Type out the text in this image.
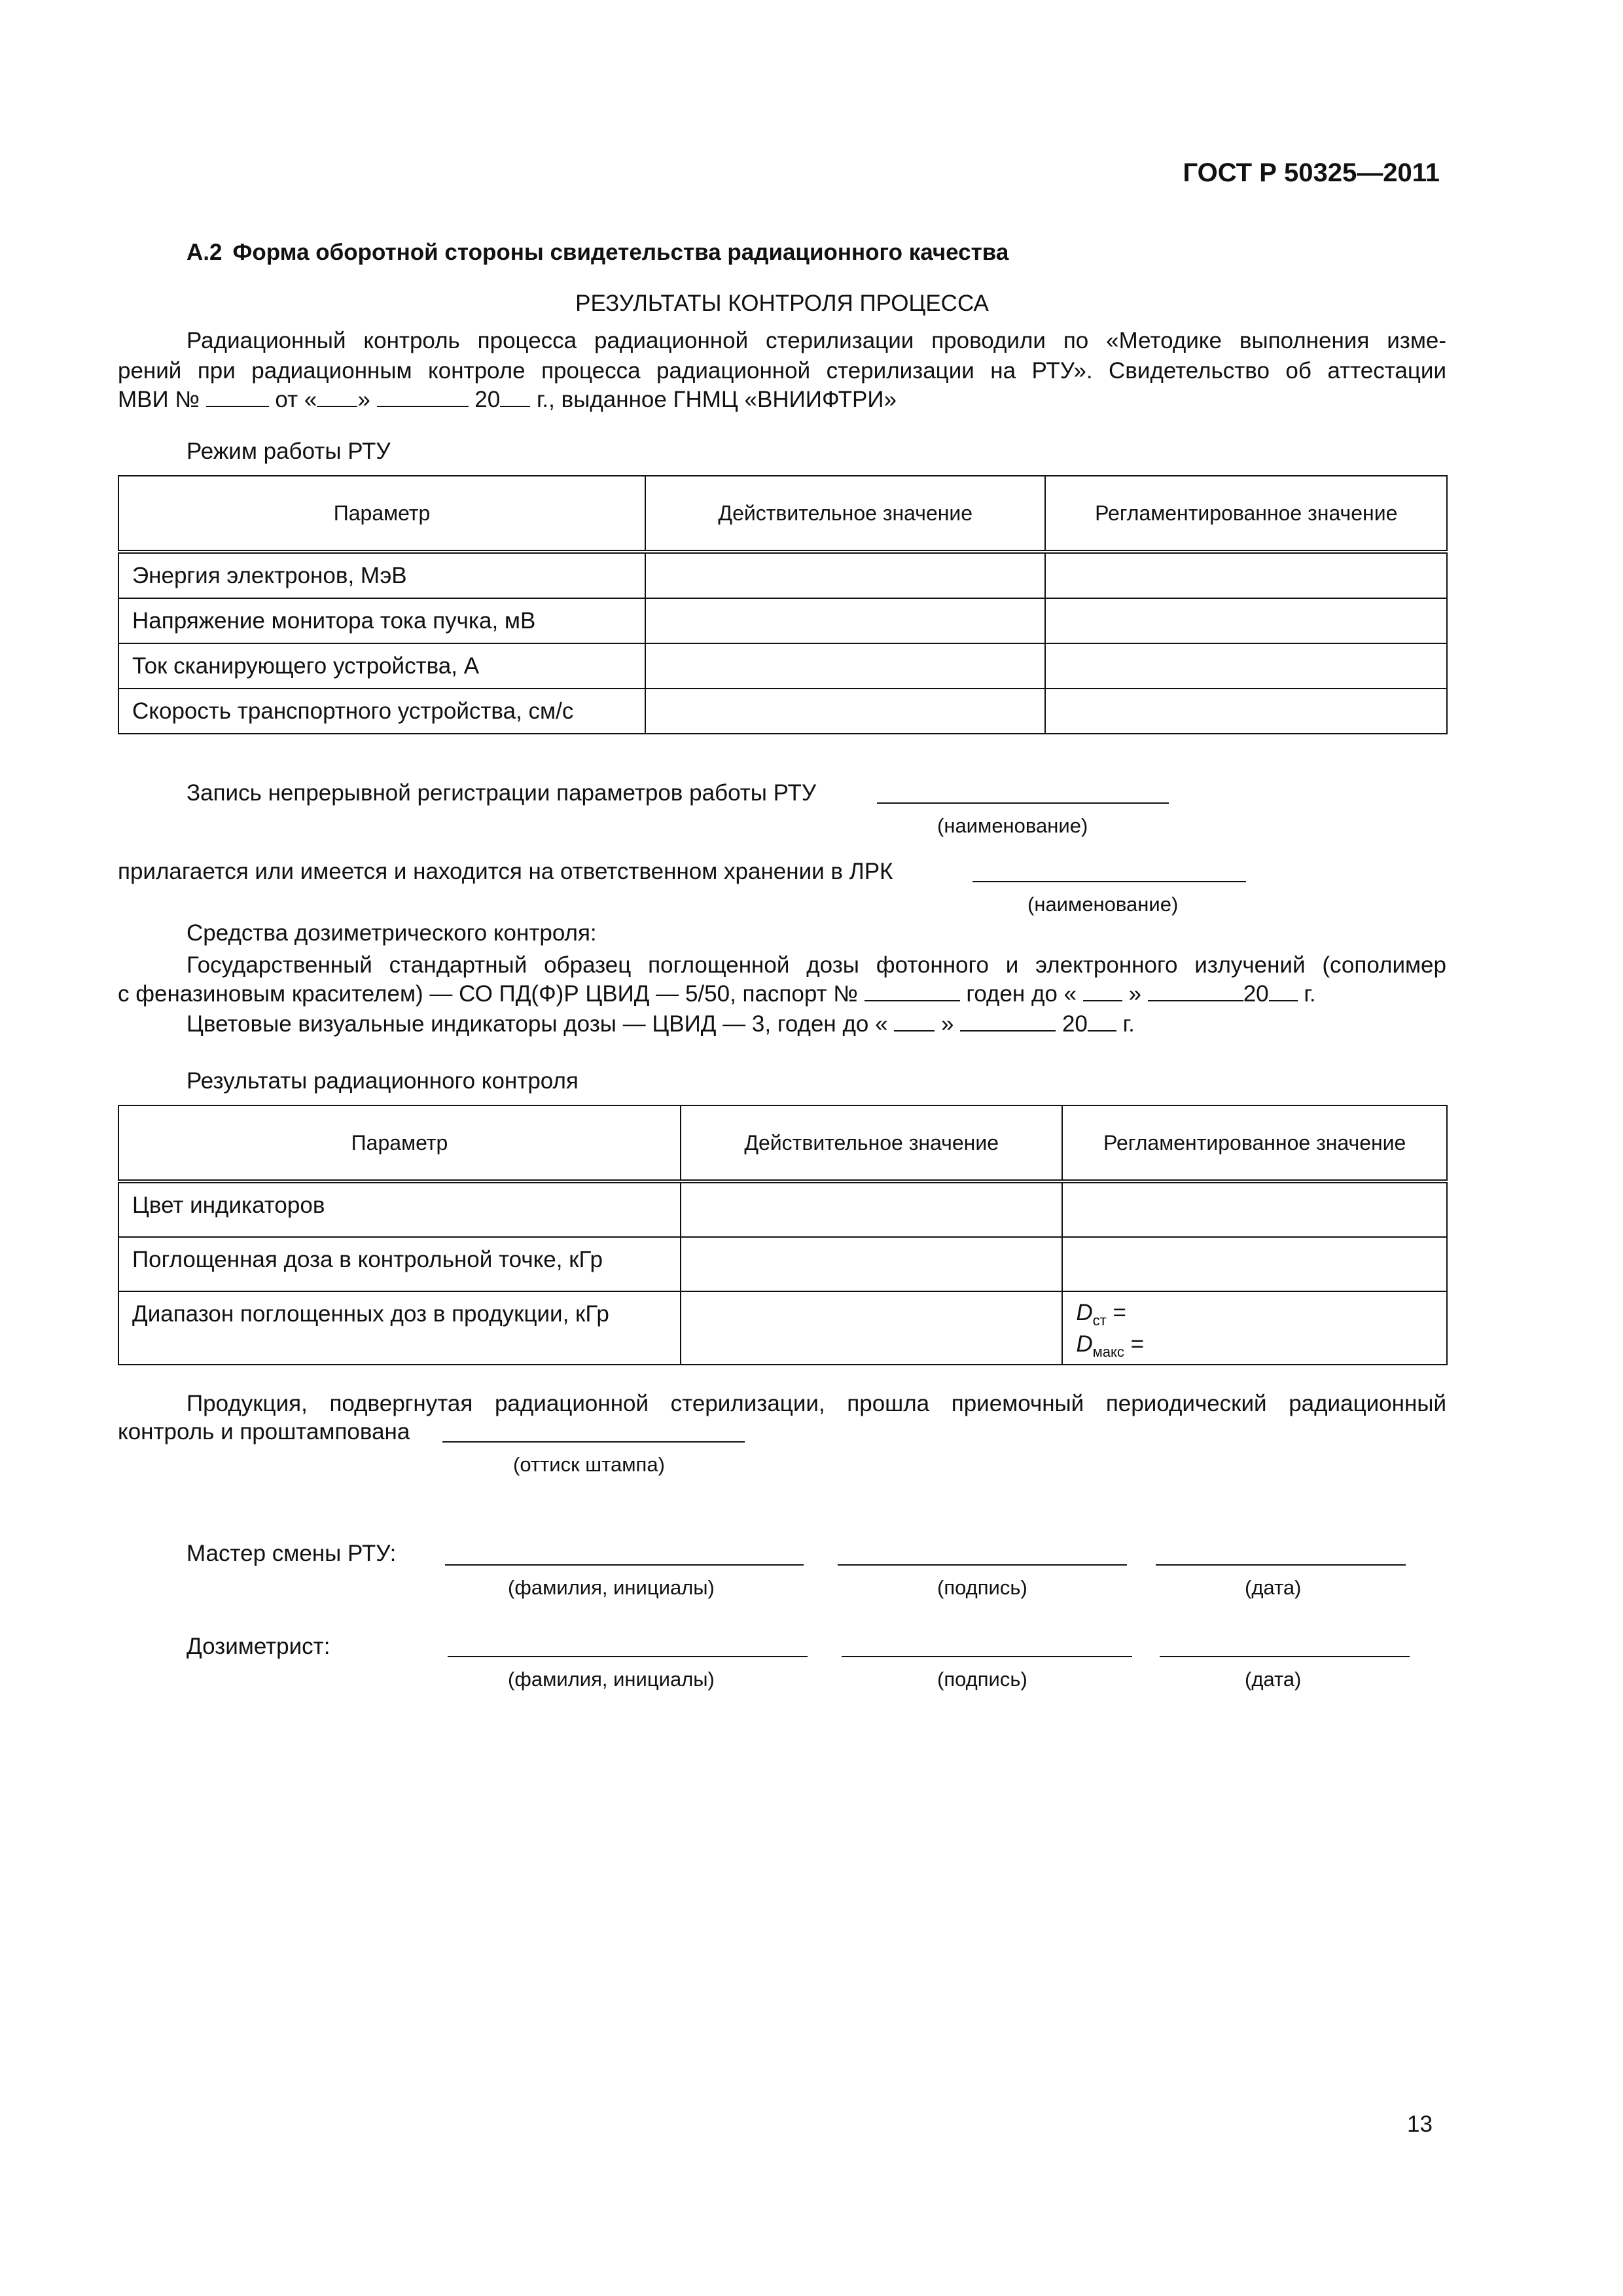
ГОСТ Р 50325—2011
А.2 Форма оборотной стороны свидетельства радиационного качества
РЕЗУЛЬТАТЫ КОНТРОЛЯ ПРОЦЕССА
Радиационный контроль процесса радиационной стерилизации проводили по «Методике выполнения изме-
рений при радиационным контроле процесса радиационной стерилизации на РТУ». Свидетельство об аттестации
МВИ №	от « »	20 г., выданное ГНМЦ «ВНИИФТРИ»
Режим работы РТУ
Параметр	Действительное значение	Регламентированное значение
Энергия электронов, МэВ		
Напряжение монитора тока пучка, мВ		
Ток сканирующего устройства, А		
Скорость транспортного устройства, см/с		
Запись непрерывной регистрации параметров работы РТУ
(наименование)
прилагается или имеется и находится на ответственном хранении в ЛРК
(наименование)
Средства дозиметрического контроля:
Государственный стандартный образец поглощенной дозы фотонного и электронного излучений (сополимер
с феназиновым красителем) — СО ПД(Ф)Р ЦВИД — 5/50, паспорт №	годен до « »	20 г.
Цветовые визуальные индикаторы дозы — ЦВИД — 3, годен до « »	20 г.
Результаты радиационного контроля
Параметр	Действительное значение	Регламентированное значение
Цвет индикаторов		
Поглощенная доза в контрольной точке, кГр		
Диапазон поглощенных доз в продукции, кГр		$D_{ст}$ =
$D_{макс}$ =
Продукция, подвергнутая радиационной стерилизации, прошла приемочный периодический радиационный
контроль и проштампована
(оттиск штампа)
Мастер смены РТУ:
(фамилия, инициалы)	(подпись)	(дата)
Дозиметрист:
(фамилия, инициалы)	(подпись)	(дата)
13
